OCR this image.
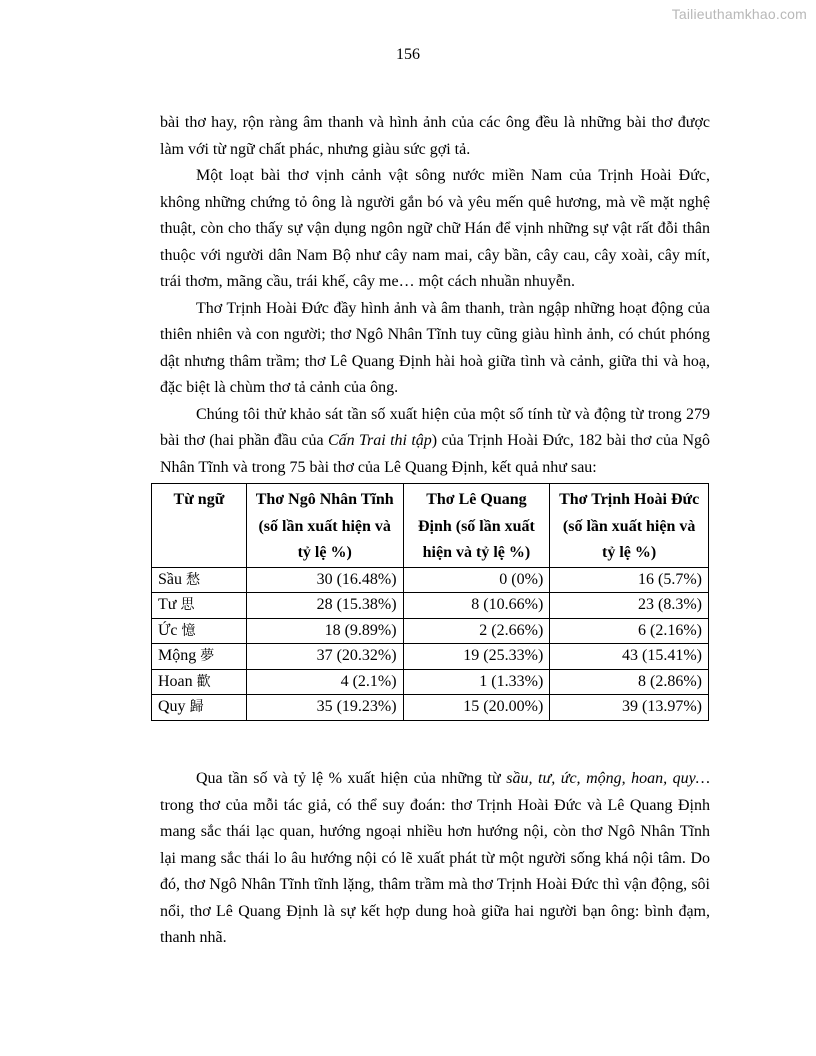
Tailieuthamkhao.com
156

bài thơ hay, rộn ràng âm thanh và hình ảnh của các ông đều là những bài thơ được làm với từ ngữ chất phác, nhưng giàu sức gợi tả.

Một loạt bài thơ vịnh cảnh vật sông nước miền Nam của Trịnh Hoài Đức, không những chứng tỏ ông là người gắn bó và yêu mến quê hương, mà về mặt nghệ thuật, còn cho thấy sự vận dụng ngôn ngữ chữ Hán để vịnh những sự vật rất đỗi thân thuộc với người dân Nam Bộ như cây nam mai, cây bần, cây cau, cây xoài, cây mít, trái thơm, mãng cầu, trái khế, cây me… một cách nhuần nhuyễn.

Thơ Trịnh Hoài Đức đầy hình ảnh và âm thanh, tràn ngập những hoạt động của thiên nhiên và con người; thơ Ngô Nhân Tĩnh tuy cũng giàu hình ảnh, có chút phóng dật nhưng thâm trầm; thơ Lê Quang Định hài hoà giữa tình và cảnh, giữa thi và hoạ, đặc biệt là chùm thơ tả cảnh của ông.

Chúng tôi thử khảo sát tần số xuất hiện của một số tính từ và động từ trong 279 bài thơ (hai phần đầu của Cấn Trai thi tập) của Trịnh Hoài Đức, 182 bài thơ của Ngô Nhân Tĩnh và trong 75 bài thơ của Lê Quang Định, kết quả như sau:

Từ ngữ	Thơ Ngô Nhân Tĩnh (số lần xuất hiện và tỷ lệ %)	Thơ Lê Quang Định (số lần xuất hiện và tỷ lệ %)	Thơ Trịnh Hoài Đức (số lần xuất hiện và tỷ lệ %)
Sầu 愁	30 (16.48%)	0 (0%)	16 (5.7%)
Tư 思	28 (15.38%)	8 (10.66%)	23 (8.3%)
Ức 憶	18 (9.89%)	2 (2.66%)	6 (2.16%)
Mộng 夢	37 (20.32%)	19 (25.33%)	43 (15.41%)
Hoan 歡	4 (2.1%)	1 (1.33%)	8 (2.86%)
Quy 歸	35 (19.23%)	15 (20.00%)	39 (13.97%)

Qua tần số và tỷ lệ % xuất hiện của những từ sầu, tư, ức, mộng, hoan, quy… trong thơ của mỗi tác giả, có thể suy đoán: thơ Trịnh Hoài Đức và Lê Quang Định mang sắc thái lạc quan, hướng ngoại nhiều hơn hướng nội, còn thơ Ngô Nhân Tĩnh lại mang sắc thái lo âu hướng nội có lẽ xuất phát từ một người sống khá nội tâm. Do đó, thơ Ngô Nhân Tĩnh tĩnh lặng, thâm trầm mà thơ Trịnh Hoài Đức thì vận động, sôi nổi, thơ Lê Quang Định là sự kết hợp dung hoà giữa hai người bạn ông: bình đạm, thanh nhã.
